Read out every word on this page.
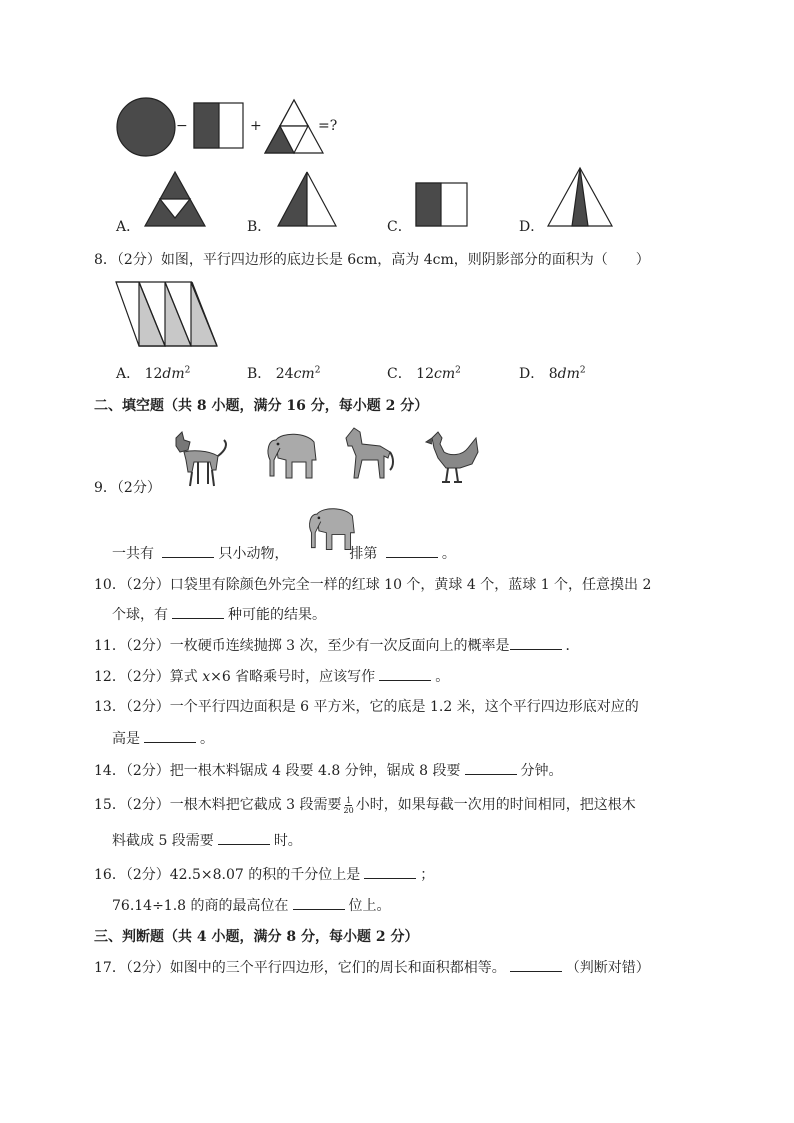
−	+	=?
A．	B．	C．	D．
8．（2分）如图，平行四边形的底边长是 6cm，高为 4cm，则阴影部分的面积为（　　）
A． $12dm^2$	B． $24cm^2$	C． $12cm^2$	D． $8dm^2$
二、填空题（共 8 小题，满分 16 分，每小题 2 分）
9．（2分）
一共有	只小动物，	排第	。
10．（2分）口袋里有除颜色外完全一样的红球 10 个，黄球 4 个，蓝球 1 个，任意摸出 2
个球，有	种可能的结果。
11．（2分）一枚硬币连续抛掷 3 次，至少有一次反面向上的概率是	．
12．（2分）算式 x×6 省略乘号时，应该写作	。
13．（2分）一个平行四边面积是 6 平方米，它的底是 1.2 米，这个平行四边形底对应的
高是	。
14．（2分）把一根木料锯成 4 段要 4.8 分钟，锯成 8 段要	分钟。
15．（2分）一根木料把它截成 3 段需要 $\frac{1}{20}$ 小时，如果每截一次用的时间相同，把这根木
料截成 5 段需要	时。
16．（2分）42.5×8.07 的积的千分位上是	；
76.14÷1.8 的商的最高位在	位上。
三、判断题（共 4 小题，满分 8 分，每小题 2 分）
17．（2分）如图中的三个平行四边形，它们的周长和面积都相等。	（判断对错）
